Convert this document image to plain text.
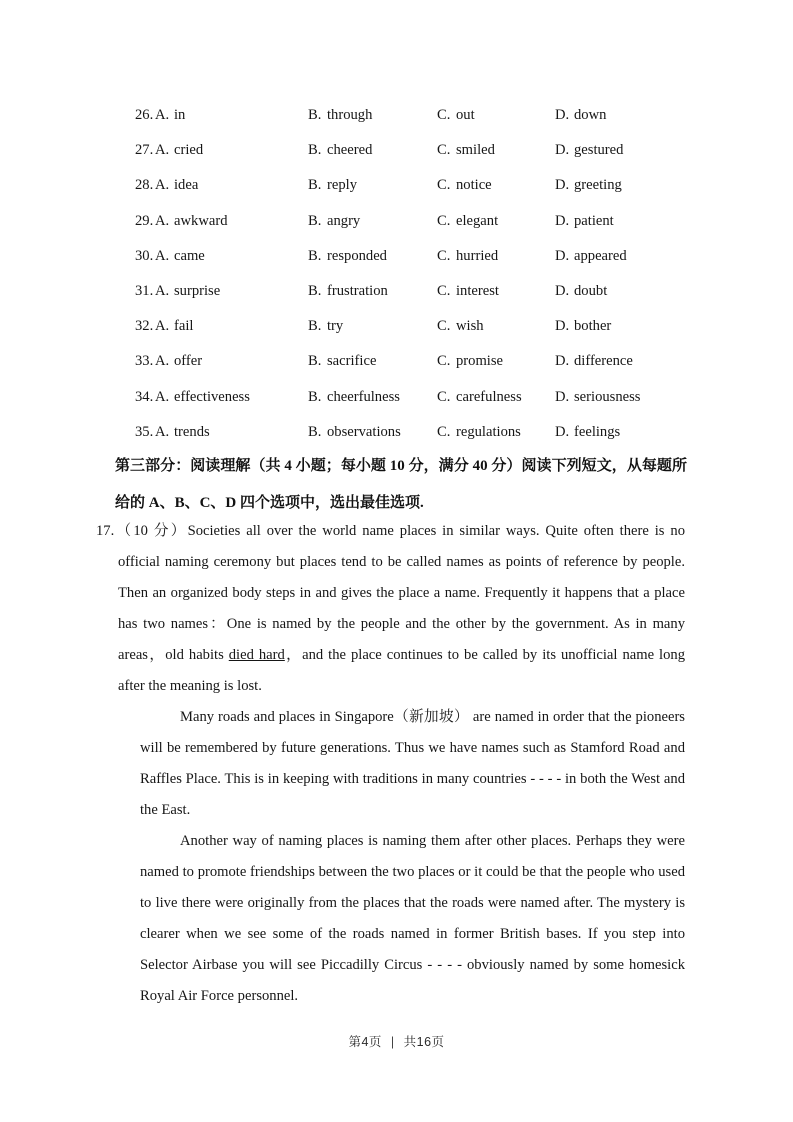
26. A. in	B. through	C. out	D. down
27. A. cried	B. cheered	C. smiled	D. gestured
28. A. idea	B. reply	C. notice	D. greeting
29. A. awkward	B. angry	C. elegant	D. patient
30. A. came	B. responded	C. hurried	D. appeared
31. A. surprise	B. frustration	C. interest	D. doubt
32. A. fail	B. try	C. wish	D. bother
33. A. offer	B. sacrifice	C. promise	D. difference
34. A. effectiveness	B. cheerfulness	C. carefulness D. seriousness
35. A. trends	B. observations C. regulations D. feelings
第三部分：阅读理解（共 4 小题；每小题 10 分，满分 40 分）阅读下列短文，从每题所给的 A、B、C、D 四个选项中，选出最佳选项.

17.（10 分）Societies all over the world name places in similar ways. Quite often there is no official naming ceremony but places tend to be called names as points of reference by people. Then an organized body steps in and gives the place a name. Frequently it happens that a place has two names：One is named by the people and the other by the government. As in many areas，old habits died hard，and the place continues to be called by its unofficial name long after the meaning is lost.

Many roads and places in Singapore（新加坡） are named in order that the pioneers will be remembered by future generations. Thus we have names such as Stamford Road and Raffles Place. This is in keeping with traditions in many countries - - - - in both the West and the East.

Another way of naming places is naming them after other places. Perhaps they were named to promote friendships between the two places or it could be that the people who used to live there were originally from the places that the roads were named after. The mystery is clearer when we see some of the roads named in former British bases. If you step into Selector Airbase you will see Piccadilly Circus - - - - obviously named by some homesick Royal Air Force personnel.

第4页 | 共16页
